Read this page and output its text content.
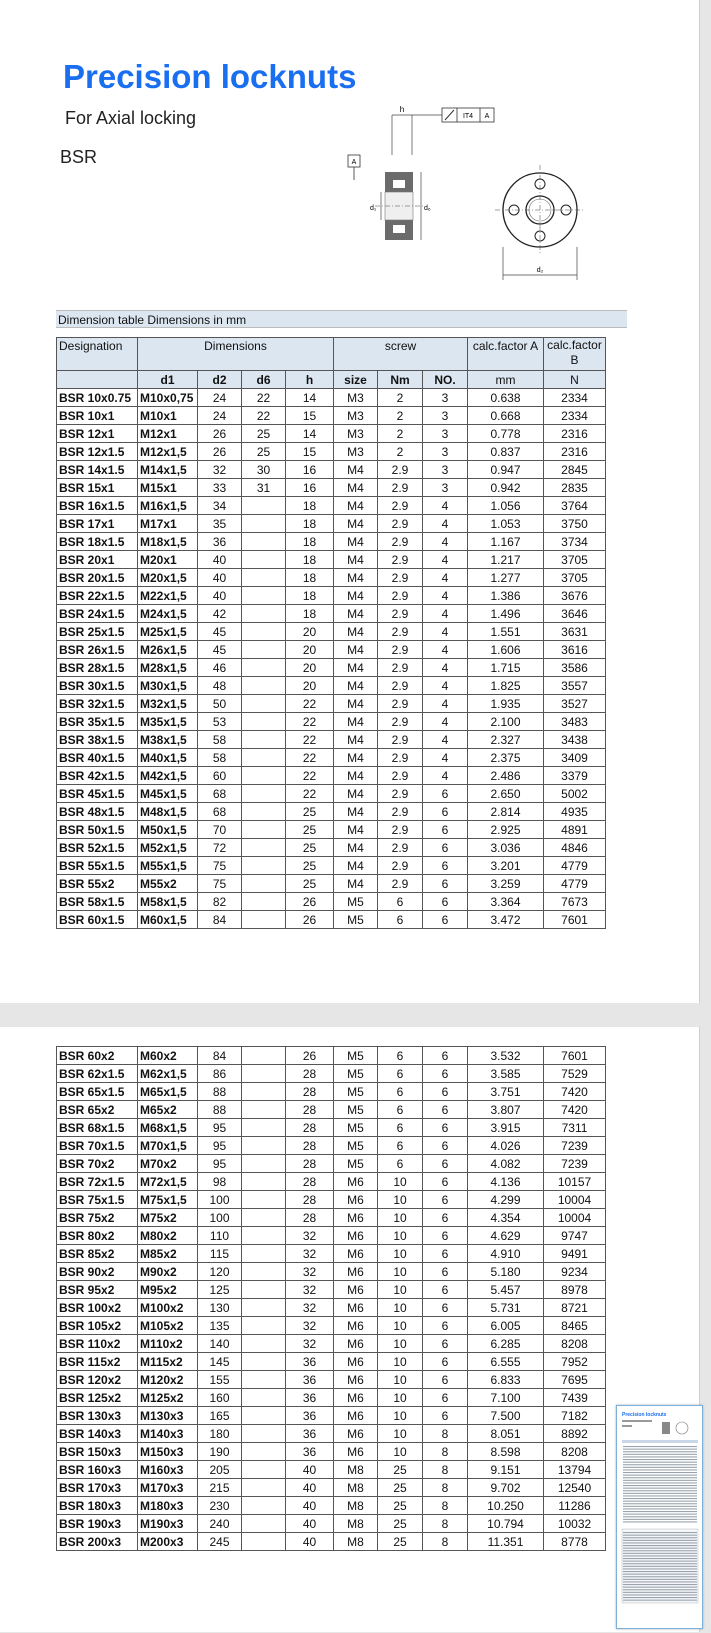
Precision locknuts
For Axial locking
BSR
h
IT4 A
A
d₁	d₆
d₂
Dimension table Dimensions in mm
Designation	Dimensions				screw			calc.factor A	calc.factor B
	d1	d2	d6	h	size	Nm	NO.	mm	N
BSR 10x0.75	M10x0,75	24	22	14	M3	2	3	0.638	2334
BSR 10x1	M10x1	24	22	15	M3	2	3	0.668	2334
BSR 12x1	M12x1	26	25	14	M3	2	3	0.778	2316
BSR 12x1.5	M12x1,5	26	25	15	M3	2	3	0.837	2316
BSR 14x1.5	M14x1,5	32	30	16	M4	2.9	3	0.947	2845
BSR 15x1	M15x1	33	31	16	M4	2.9	3	0.942	2835
BSR 16x1.5	M16x1,5	34		18	M4	2.9	4	1.056	3764
BSR 17x1	M17x1	35		18	M4	2.9	4	1.053	3750
BSR 18x1.5	M18x1,5	36		18	M4	2.9	4	1.167	3734
BSR 20x1	M20x1	40		18	M4	2.9	4	1.217	3705
BSR 20x1.5	M20x1,5	40		18	M4	2.9	4	1.277	3705
BSR 22x1.5	M22x1,5	40		18	M4	2.9	4	1.386	3676
BSR 24x1.5	M24x1,5	42		18	M4	2.9	4	1.496	3646
BSR 25x1.5	M25x1,5	45		20	M4	2.9	4	1.551	3631
BSR 26x1.5	M26x1,5	45		20	M4	2.9	4	1.606	3616
BSR 28x1.5	M28x1,5	46		20	M4	2.9	4	1.715	3586
BSR 30x1.5	M30x1,5	48		20	M4	2.9	4	1.825	3557
BSR 32x1.5	M32x1,5	50		22	M4	2.9	4	1.935	3527
BSR 35x1.5	M35x1,5	53		22	M4	2.9	4	2.100	3483
BSR 38x1.5	M38x1,5	58		22	M4	2.9	4	2.327	3438
BSR 40x1.5	M40x1,5	58		22	M4	2.9	4	2.375	3409
BSR 42x1.5	M42x1,5	60		22	M4	2.9	4	2.486	3379
BSR 45x1.5	M45x1,5	68		22	M4	2.9	6	2.650	5002
BSR 48x1.5	M48x1,5	68		25	M4	2.9	6	2.814	4935
BSR 50x1.5	M50x1,5	70		25	M4	2.9	6	2.925	4891
BSR 52x1.5	M52x1,5	72		25	M4	2.9	6	3.036	4846
BSR 55x1.5	M55x1,5	75		25	M4	2.9	6	3.201	4779
BSR 55x2	M55x2	75		25	M4	2.9	6	3.259	4779
BSR 58x1.5	M58x1,5	82		26	M5	6	6	3.364	7673
BSR 60x1.5	M60x1,5	84		26	M5	6	6	3.472	7601
BSR 60x2	M60x2	84		26	M5	6	6	3.532	7601
BSR 62x1.5	M62x1,5	86		28	M5	6	6	3.585	7529
BSR 65x1.5	M65x1,5	88		28	M5	6	6	3.751	7420
BSR 65x2	M65x2	88		28	M5	6	6	3.807	7420
BSR 68x1.5	M68x1,5	95		28	M5	6	6	3.915	7311
BSR 70x1.5	M70x1,5	95		28	M5	6	6	4.026	7239
BSR 70x2	M70x2	95		28	M5	6	6	4.082	7239
BSR 72x1.5	M72x1,5	98		28	M6	10	6	4.136	10157
BSR 75x1.5	M75x1,5	100		28	M6	10	6	4.299	10004
BSR 75x2	M75x2	100		28	M6	10	6	4.354	10004
BSR 80x2	M80x2	110		32	M6	10	6	4.629	9747
BSR 85x2	M85x2	115		32	M6	10	6	4.910	9491
BSR 90x2	M90x2	120		32	M6	10	6	5.180	9234
BSR 95x2	M95x2	125		32	M6	10	6	5.457	8978
BSR 100x2	M100x2	130		32	M6	10	6	5.731	8721
BSR 105x2	M105x2	135		32	M6	10	6	6.005	8465
BSR 110x2	M110x2	140		32	M6	10	6	6.285	8208
BSR 115x2	M115x2	145		36	M6	10	6	6.555	7952
BSR 120x2	M120x2	155		36	M6	10	6	6.833	7695
BSR 125x2	M125x2	160		36	M6	10	6	7.100	7439
BSR 130x3	M130x3	165		36	M6	10	6	7.500	7182
BSR 140x3	M140x3	180		36	M6	10	8	8.051	8892
BSR 150x3	M150x3	190		36	M6	10	8	8.598	8208
BSR 160x3	M160x3	205		40	M8	25	8	9.151	13794
BSR 170x3	M170x3	215		40	M8	25	8	9.702	12540
BSR 180x3	M180x3	230		40	M8	25	8	10.250	11286
BSR 190x3	M190x3	240		40	M8	25	8	10.794	10032
BSR 200x3	M200x3	245		40	M8	25	8	11.351	8778
Precision locknuts
